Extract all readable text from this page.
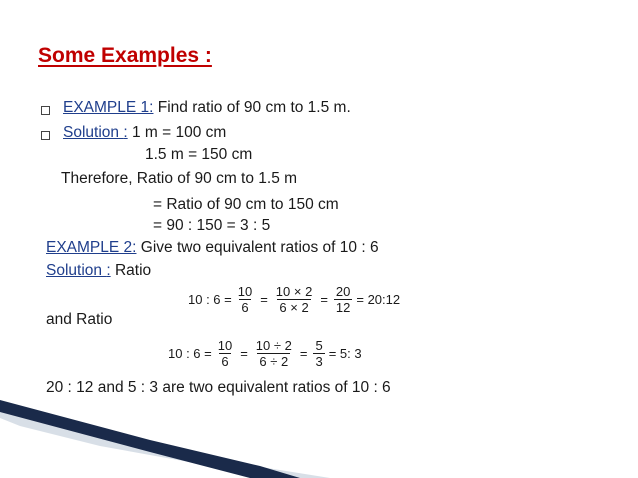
Some Examples :
EXAMPLE 1: Find ratio of 90 cm to 1.5 m.
Solution : 1 m = 100 cm
1.5 m = 150 cm
Therefore, Ratio of 90 cm to 1.5 m
= Ratio of 90 cm to 150 cm
= 90 : 150 = 3 : 5
EXAMPLE 2: Give two equivalent ratios of 10 : 6
Solution : Ratio
10 : $6 = \frac{10}{6} = \frac{10 \times 2}{6 \times 2} = \frac{20}{12}$ = 20:12
and Ratio
10 : $6 = \frac{10}{6} = \frac{10 \div 2}{6 \div 2} = \frac{5}{3} = 5$: 3
20 : 12 and 5 : 3 are two equivalent ratios of 10 : 6
